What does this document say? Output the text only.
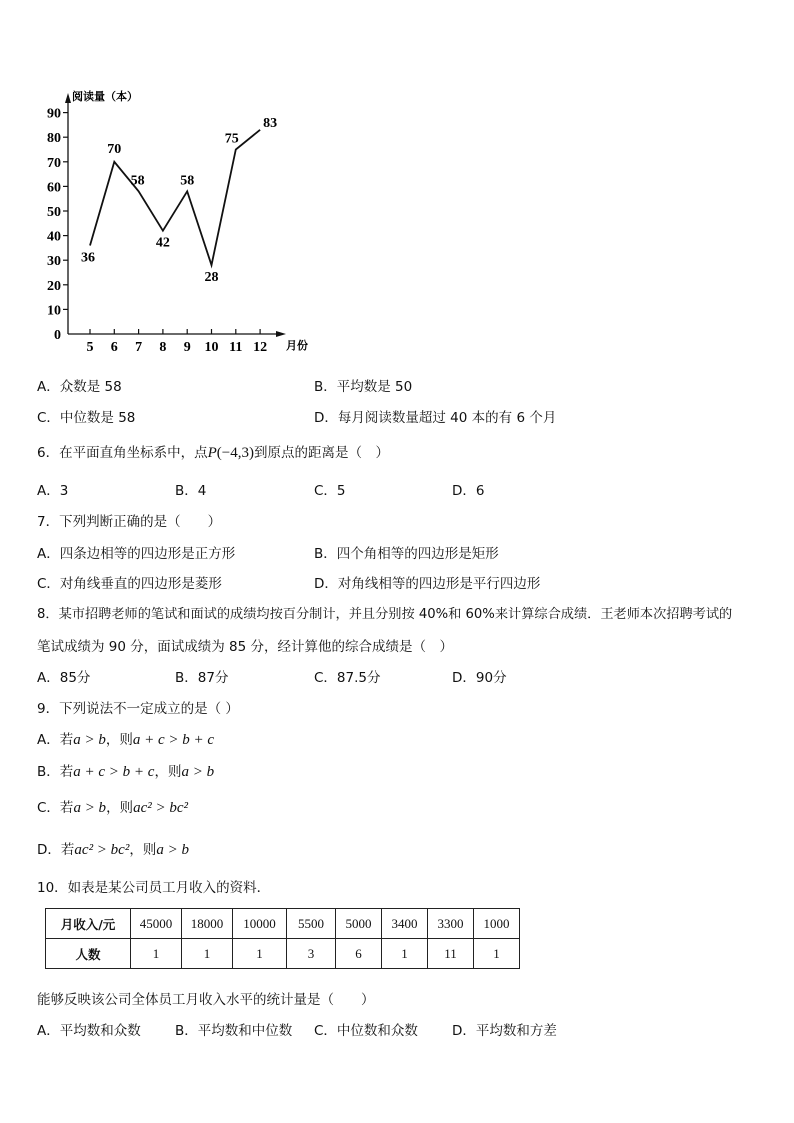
阅读量（本）
月份
0
10
20
30
40
50
60
70
80
90
5 6 7 8 9 10 11 12
36
70
58
42
58
28
75
83
A．众数是 58	B．平均数是 50
C．中位数是 58	D．每月阅读数量超过 40 本的有 6 个月
6．在平面直角坐标系中，点P(−4,3)到原点的距离是（　）
A．3	B．4	C．5	D．6
7．下列判断正确的是（　　）
A．四条边相等的四边形是正方形	B．四个角相等的四边形是矩形
C．对角线垂直的四边形是菱形	D．对角线相等的四边形是平行四边形
8．某市招聘老师的笔试和面试的成绩均按百分制计，并且分别按 40%和 60%来计算综合成绩．王老师本次招聘考试的
笔试成绩为 90 分，面试成绩为 85 分，经计算他的综合成绩是（　）
A．85分	B．87分	C．87.5分	D．90分
9．下列说法不一定成立的是（ ）
A．若a > b，则a + c > b + c
B．若a + c > b + c，则a > b
C．若a > b，则ac² > bc²
D．若ac² > bc²，则a > b
10．如表是某公司员工月收入的资料．
月收入/元	45000	18000	10000	5500	5000	3400	3300	1000
人数	1	1	1	3	6	1	11	1
能够反映该公司全体员工月收入水平的统计量是（　　）
A．平均数和众数	B．平均数和中位数 C．中位数和众数	D．平均数和方差
